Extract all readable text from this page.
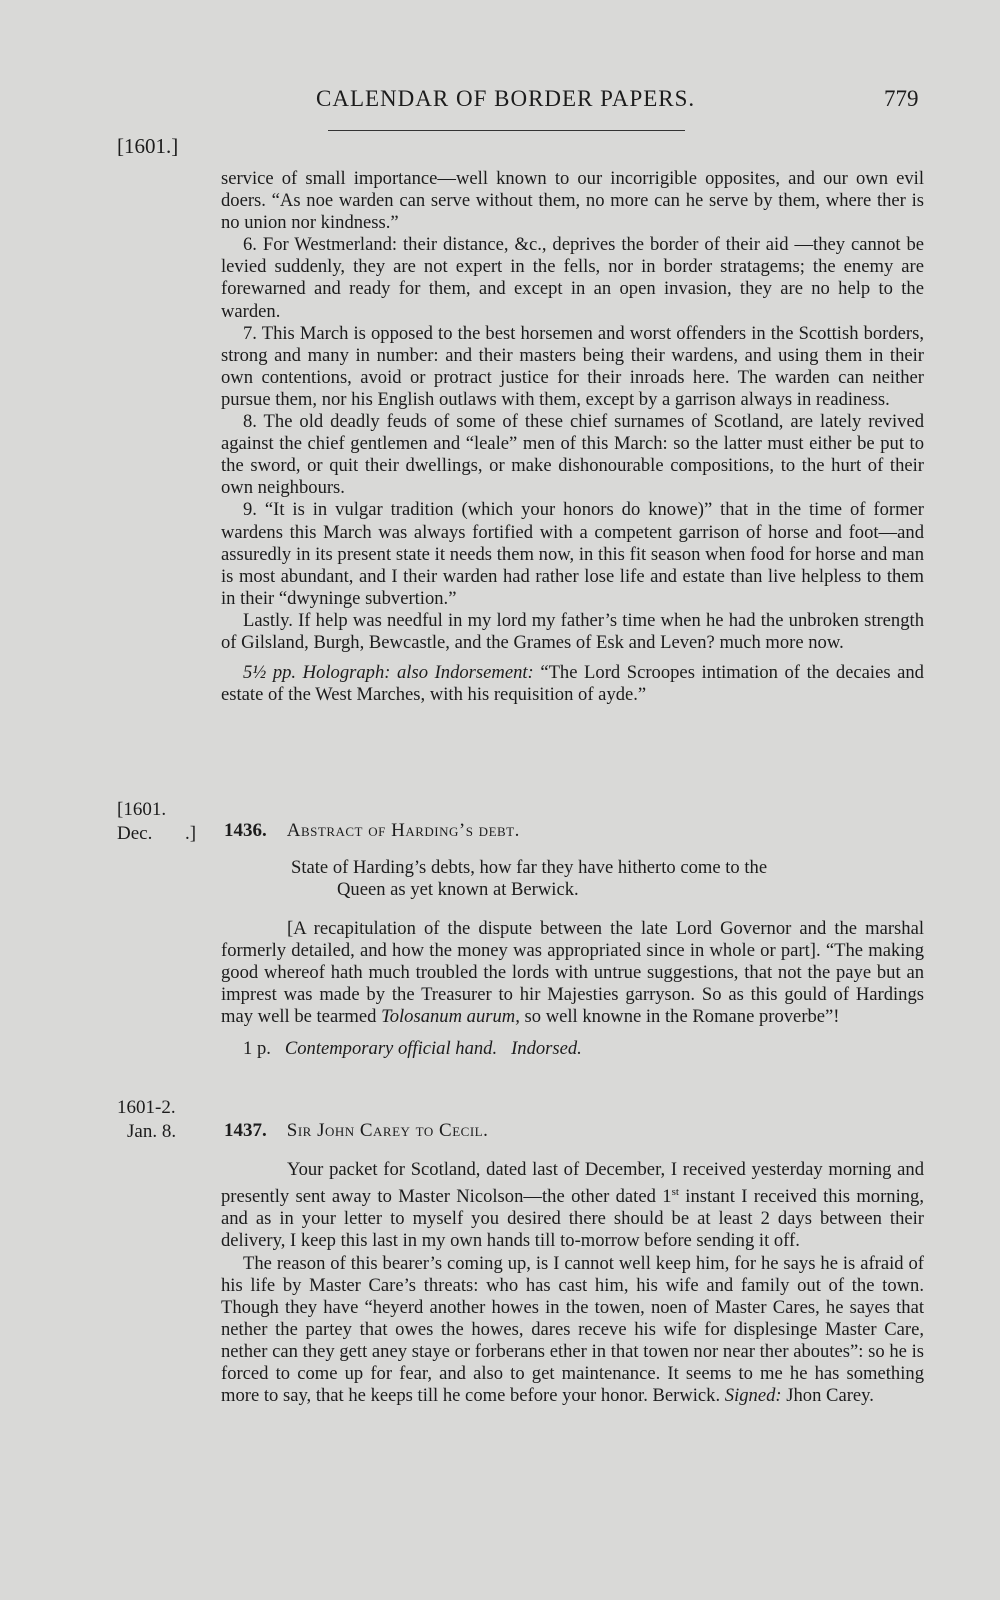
CALENDAR OF BORDER PAPERS.	779
[1601.]

service of small importance—well known to our incorrigible opposites, and our own evil doers. “As noe warden can serve without them, no more can he serve by them, where ther is no union nor kindness.”

6. For Westmerland: their distance, &c., deprives the border of their aid —they cannot be levied suddenly, they are not expert in the fells, nor in border stratagems; the enemy are forewarned and ready for them, and except in an open invasion, they are no help to the warden.

7. This March is opposed to the best horsemen and worst offenders in the Scottish borders, strong and many in number: and their masters being their wardens, and using them in their own contentions, avoid or protract justice for their inroads here. The warden can neither pursue them, nor his English outlaws with them, except by a garrison always in readiness.

8. The old deadly feuds of some of these chief surnames of Scotland, are lately revived against the chief gentlemen and “leale” men of this March: so the latter must either be put to the sword, or quit their dwellings, or make dishonourable compositions, to the hurt of their own neighbours.

9. “It is in vulgar tradition (which your honors do knowe)” that in the time of former wardens this March was always fortified with a competent garrison of horse and foot—and assuredly in its present state it needs them now, in this fit season when food for horse and man is most abundant, and I their warden had rather lose life and estate than live helpless to them in their “dwyninge subvertion.”

Lastly. If help was needful in my lord my father’s time when he had the unbroken strength of Gilsland, Burgh, Bewcastle, and the Grames of Esk and Leven? much more now.

5½ pp. Holograph: also Indorsement: “The Lord Scroopes intimation of the decaies and estate of the West Marches, with his requisition of ayde.”

[1601.
Dec. .] 1436. Abstract of Harding’s debt.
State of Harding’s debts, how far they have hitherto come to the
Queen as yet known at Berwick.

[A recapitulation of the dispute between the late Lord Governor and the marshal formerly detailed, and how the money was appropriated since in whole or part]. “The making good whereof hath much troubled the lords with untrue suggestions, that not the paye but an imprest was made by the Treasurer to hir Majesties garryson. So as this gould of Hardings may well be tearmed Tolosanum aurum, so well knowne in the Romane proverbe”!

1 p. Contemporary official hand. Indorsed.

1601-2.
Jan. 8.	1437. Sir John Carey to Cecil.

Your packet for Scotland, dated last of December, I received yesterday morning and presently sent away to Master Nicolson—the other dated 1st instant I received this morning, and as in your letter to myself you desired there should be at least 2 days between their delivery, I keep this last in my own hands till to-morrow before sending it off.

The reason of this bearer’s coming up, is I cannot well keep him, for he says he is afraid of his life by Master Care’s threats: who has cast him, his wife and family out of the town. Though they have “heyerd another howes in the towen, noen of Master Cares, he sayes that nether the partey that owes the howes, dares receve his wife for displesinge Master Care, nether can they gett aney staye or forberans ether in that towen nor near ther aboutes”: so he is forced to come up for fear, and also to get maintenance. It seems to me he has something more to say, that he keeps till he come before your honor. Berwick. Signed: Jhon Carey.
